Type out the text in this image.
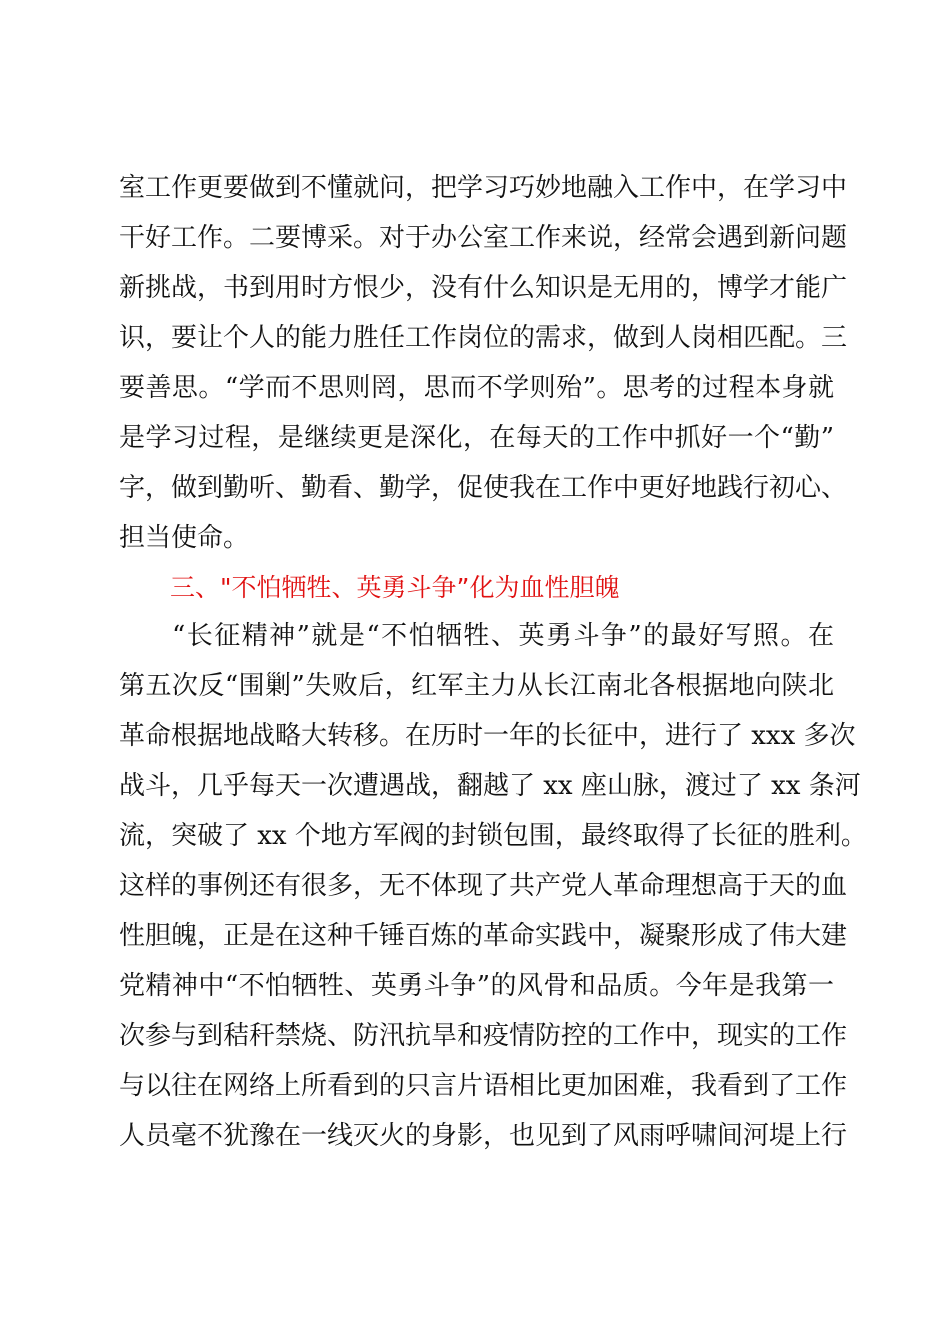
室工作更要做到不懂就问，把学习巧妙地融入工作中，在学习中
干好工作。二要博采。对于办公室工作来说，经常会遇到新问题
新挑战，书到用时方恨少，没有什么知识是无用的，博学才能广
识，要让个人的能力胜任工作岗位的需求，做到人岗相匹配。三
要善思。“学而不思则罔，思而不学则殆”。思考的过程本身就
是学习过程，是继续更是深化，在每天的工作中抓好一个“勤”
字，做到勤听、勤看、勤学，促使我在工作中更好地践行初心、
担当使命。
三、"不怕牺牲、英勇斗争”化为血性胆魄
“长征精神”就是“不怕牺牲、英勇斗争”的最好写照。在
第五次反“围剿”失败后，红军主力从长江南北各根据地向陕北
革命根据地战略大转移。在历时一年的长征中，进行了 xxx 多次
战斗，几乎每天一次遭遇战，翻越了 xx 座山脉，渡过了 xx 条河
流，突破了 xx 个地方军阀的封锁包围，最终取得了长征的胜利。
这样的事例还有很多，无不体现了共产党人革命理想高于天的血
性胆魄，正是在这种千锤百炼的革命实践中，凝聚形成了伟大建
党精神中“不怕牺牲、英勇斗争”的风骨和品质。今年是我第一
次参与到秸秆禁烧、防汛抗旱和疫情防控的工作中，现实的工作
与以往在网络上所看到的只言片语相比更加困难，我看到了工作
人员毫不犹豫在一线灭火的身影，也见到了风雨呼啸间河堤上行
